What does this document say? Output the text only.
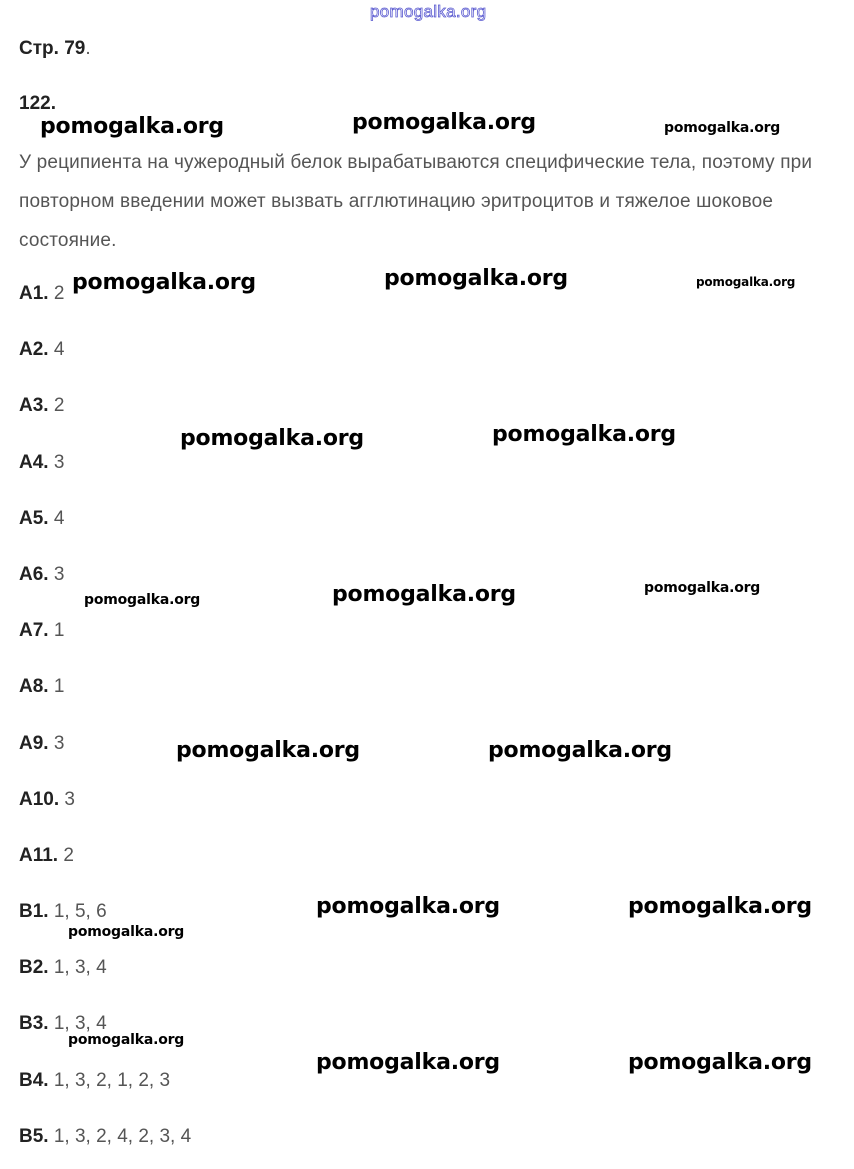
pomogalka.org
Стр. 79.
122.
У реципиента на чужеродный белок вырабатываются специфические тела, поэтому при повторном введении может вызвать агглютинацию эритроцитов и тяжелое шоковое состояние.
А1. 2
А2. 4
А3. 2
А4. 3
А5. 4
А6. 3
А7. 1
А8. 1
А9. 3
А10. 3
А11. 2
В1. 1, 5, 6
В2. 1, 3, 4
В3. 1, 3, 4
В4. 1, 3, 2, 1, 2, 3
В5. 1, 3, 2, 4, 2, 3, 4
pomogalka.org	pomogalka.org	pomogalka.org
pomogalka.org	pomogalka.org	pomogalka.org
pomogalka.org	pomogalka.org
pomogalka.org	pomogalka.org	pomogalka.org
pomogalka.org	pomogalka.org
pomogalka.org	pomogalka.org
pomogalka.org
pomogalka.org
pomogalka.org	pomogalka.org
